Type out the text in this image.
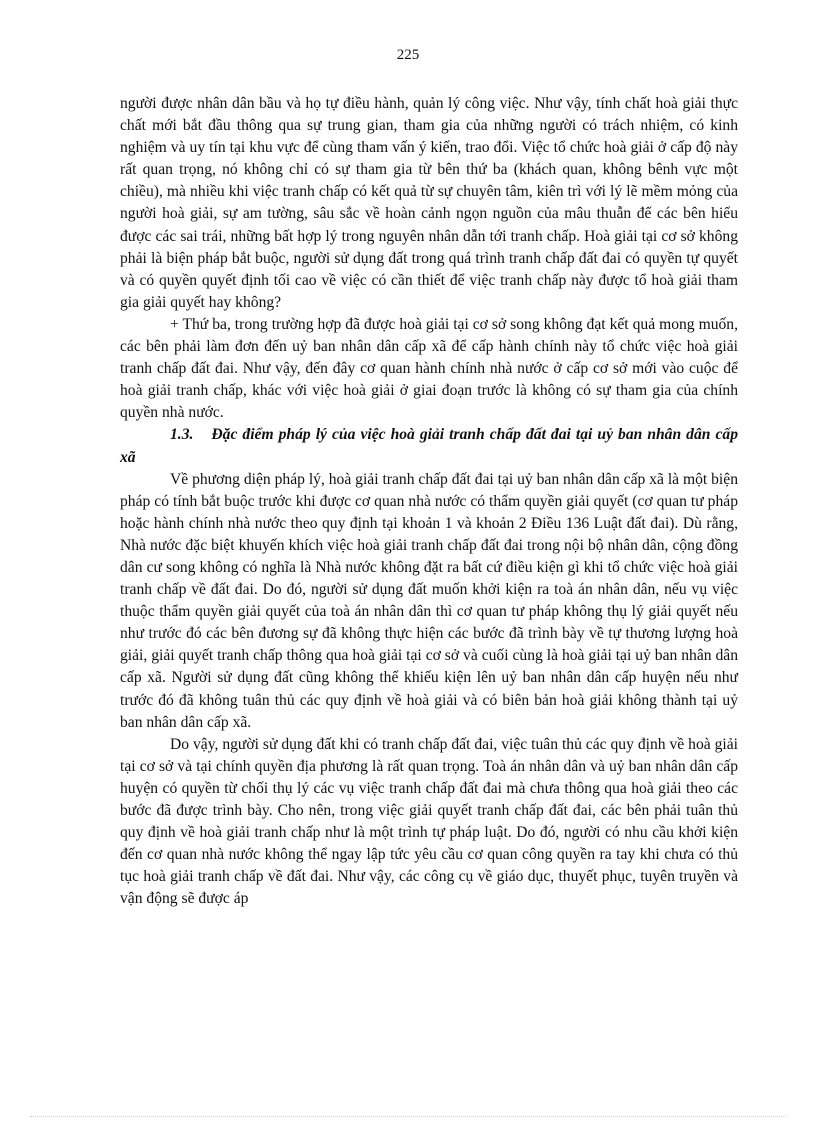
225

người được nhân dân bầu và họ tự điều hành, quản lý công việc. Như vậy, tính chất hoà giải thực chất mới bắt đầu thông qua sự trung gian, tham gia của những người có trách nhiệm, có kinh nghiệm và uy tín tại khu vực để cùng tham vấn ý kiến, trao đổi. Việc tổ chức hoà giải ở cấp độ này rất quan trọng, nó không chỉ có sự tham gia từ bên thứ ba (khách quan, không bênh vực một chiều), mà nhiều khi việc tranh chấp có kết quả từ sự chuyên tâm, kiên trì với lý lẽ mềm mỏng của người hoà giải, sự am tường, sâu sắc về hoàn cảnh ngọn nguồn của mâu thuẫn để các bên hiểu được các sai trái, những bất hợp lý trong nguyên nhân dẫn tới tranh chấp. Hoà giải tại cơ sở không phải là biện pháp bắt buộc, người sử dụng đất trong quá trình tranh chấp đất đai có quyền tự quyết và có quyền quyết định tối cao về việc có cần thiết để việc tranh chấp này được tổ hoà giải tham gia giải quyết hay không?

+ Thứ ba, trong trường hợp đã được hoà giải tại cơ sở song không đạt kết quả mong muốn, các bên phải làm đơn đến uỷ ban nhân dân cấp xã để cấp hành chính này tổ chức việc hoà giải tranh chấp đất đai. Như vậy, đến đây cơ quan hành chính nhà nước ở cấp cơ sở mới vào cuộc để hoà giải tranh chấp, khác với việc hoà giải ở giai đoạn trước là không có sự tham gia của chính quyền nhà nước.

1.3. Đặc điểm pháp lý của việc hoà giải tranh chấp đất đai tại uỷ ban nhân dân cấp xã

Về phương diện pháp lý, hoà giải tranh chấp đất đai tại uỷ ban nhân dân cấp xã là một biện pháp có tính bắt buộc trước khi được cơ quan nhà nước có thẩm quyền giải quyết (cơ quan tư pháp hoặc hành chính nhà nước theo quy định tại khoản 1 và khoản 2 Điều 136 Luật đất đai). Dù rằng, Nhà nước đặc biệt khuyến khích việc hoà giải tranh chấp đất đai trong nội bộ nhân dân, cộng đồng dân cư song không có nghĩa là Nhà nước không đặt ra bất cứ điều kiện gì khi tổ chức việc hoà giải tranh chấp về đất đai. Do đó, người sử dụng đất muốn khởi kiện ra toà án nhân dân, nếu vụ việc thuộc thẩm quyền giải quyết của toà án nhân dân thì cơ quan tư pháp không thụ lý giải quyết nếu như trước đó các bên đương sự đã không thực hiện các bước đã trình bày về tự thương lượng hoà giải, giải quyết tranh chấp thông qua hoà giải tại cơ sở và cuối cùng là hoà giải tại uỷ ban nhân dân cấp xã. Người sử dụng đất cũng không thể khiếu kiện lên uỷ ban nhân dân cấp huyện nếu như trước đó đã không tuân thủ các quy định về hoà giải và có biên bản hoà giải không thành tại uỷ ban nhân dân cấp xã.

Do vậy, người sử dụng đất khi có tranh chấp đất đai, việc tuân thủ các quy định về hoà giải tại cơ sở và tại chính quyền địa phương là rất quan trọng. Toà án nhân dân và uỷ ban nhân dân cấp huyện có quyền từ chối thụ lý các vụ việc tranh chấp đất đai mà chưa thông qua hoà giải theo các bước đã được trình bày. Cho nên, trong việc giải quyết tranh chấp đất đai, các bên phải tuân thủ quy định về hoà giải tranh chấp như là một trình tự pháp luật. Do đó, người có nhu cầu khởi kiện đến cơ quan nhà nước không thể ngay lập tức yêu cầu cơ quan công quyền ra tay khi chưa có thủ tục hoà giải tranh chấp về đất đai. Như vậy, các công cụ về giáo dục, thuyết phục, tuyên truyền và vận động sẽ được áp
